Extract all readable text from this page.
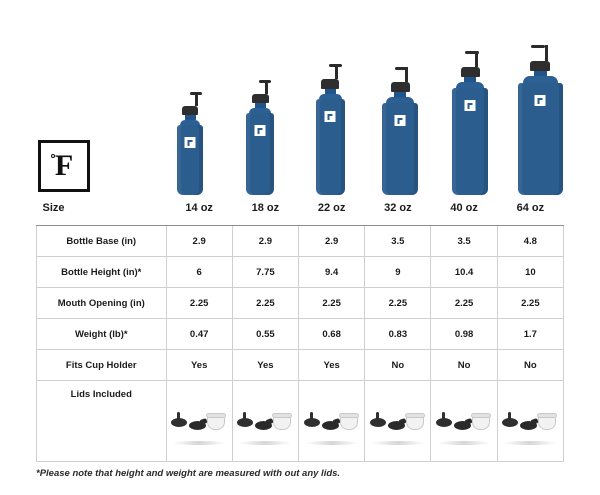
F
Size	14 oz	18 oz	22 oz	32 oz	40 oz	64 oz
Bottle Base (in)	2.9	2.9	2.9	3.5	3.5	4.8
Bottle Height (in)*	6	7.75	9.4	9	10.4	10
Mouth Opening (in)	2.25	2.25	2.25	2.25	2.25	2.25
Weight (lb)*	0.47	0.55	0.68	0.83	0.98	1.7
Fits Cup Holder	Yes	Yes	Yes	No	No	No
Lids Included	

*Please note that height and weight are measured with out any lids.
